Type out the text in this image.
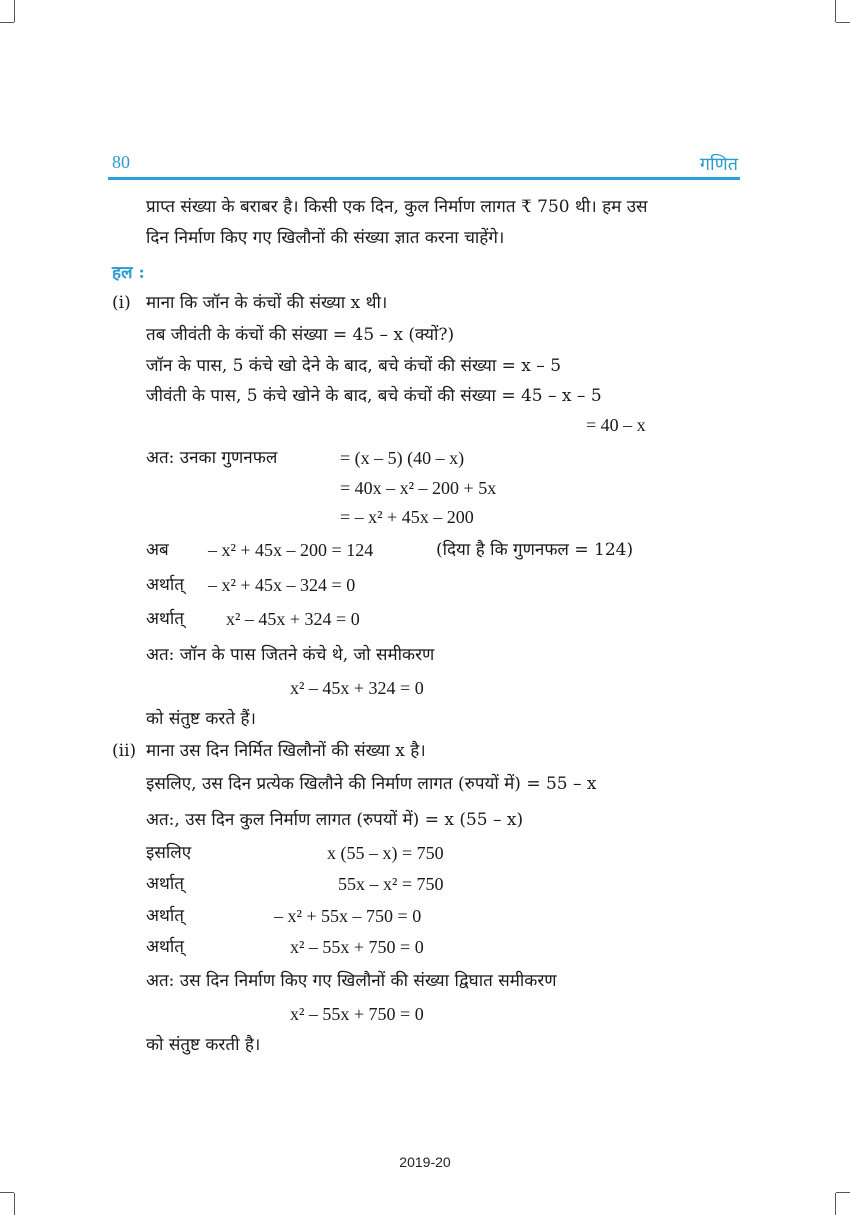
80	गणित
प्राप्त संख्या के बराबर है। किसी एक दिन, कुल निर्माण लागत ₹ 750 थी। हम उस
दिन निर्माण किए गए खिलौनों की संख्या ज्ञात करना चाहेंगे।
हल :
(i) माना कि जॉन के कंचों की संख्या x थी।
तब जीवंती के कंचों की संख्या = 45 – x (क्यों?)
जॉन के पास, 5 कंचे खो देने के बाद, बचे कंचों की संख्या = x – 5
जीवंती के पास, 5 कंचे खोने के बाद, बचे कंचों की संख्या = 45 – x – 5
= 40 – x
अत: उनका गुणनफल	= (x – 5) (40 – x)
= 40x – x² – 200 + 5x
= – x² + 45x – 200
अब – x² + 45x – 200 = 124	(दिया है कि गुणनफल = 124)
अर्थात् – x² + 45x – 324 = 0
अर्थात् x² – 45x + 324 = 0
अत: जॉन के पास जितने कंचे थे, जो समीकरण
x² – 45x + 324 = 0
को संतुष्ट करते हैं।
(ii) माना उस दिन निर्मित खिलौनों की संख्या x है।
इसलिए, उस दिन प्रत्येक खिलौने की निर्माण लागत (रुपयों में) = 55 – x
अत:, उस दिन कुल निर्माण लागत (रुपयों में) = x (55 – x)
इसलिए	x (55 – x) = 750
अर्थात्	55x – x² = 750
अर्थात्	– x² + 55x – 750 = 0
अर्थात्	x² – 55x + 750 = 0
अत: उस दिन निर्माण किए गए खिलौनों की संख्या द्विघात समीकरण
x² – 55x + 750 = 0
को संतुष्ट करती है।
2019-20
